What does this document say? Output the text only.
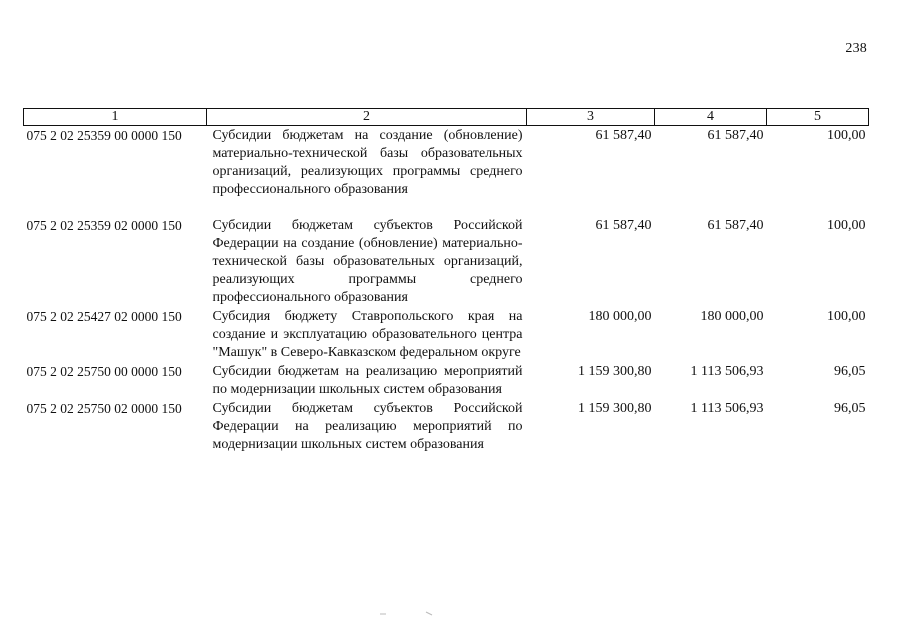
238
1	2	3	4	5
075 2 02 25359 00 0000 150	Субсидии бюджетам на создание (обновление) материально-технической базы образовательных организаций, реализующих программы среднего профессионального образования	61 587,40	61 587,40	100,00

075 2 02 25359 02 0000 150	Субсидии бюджетам субъектов Российской Федерации на создание (обновление) материально-технической базы образовательных организаций, реализующих программы среднего профессионального образования	61 587,40	61 587,40	100,00

075 2 02 25427 02 0000 150	Субсидия бюджету Ставропольского края на создание и эксплуатацию образовательного центра "Машук" в Северо-Кавказском федеральном округе	180 000,00	180 000,00	100,00

075 2 02 25750 00 0000 150	Субсидии бюджетам на реализацию мероприятий по модернизации школьных систем образования	1 159 300,80	1 113 506,93	96,05

075 2 02 25750 02 0000 150	Субсидии бюджетам субъектов Российской Федерации на реализацию мероприятий по модернизации школьных систем образования	1 159 300,80	1 113 506,93	96,05
